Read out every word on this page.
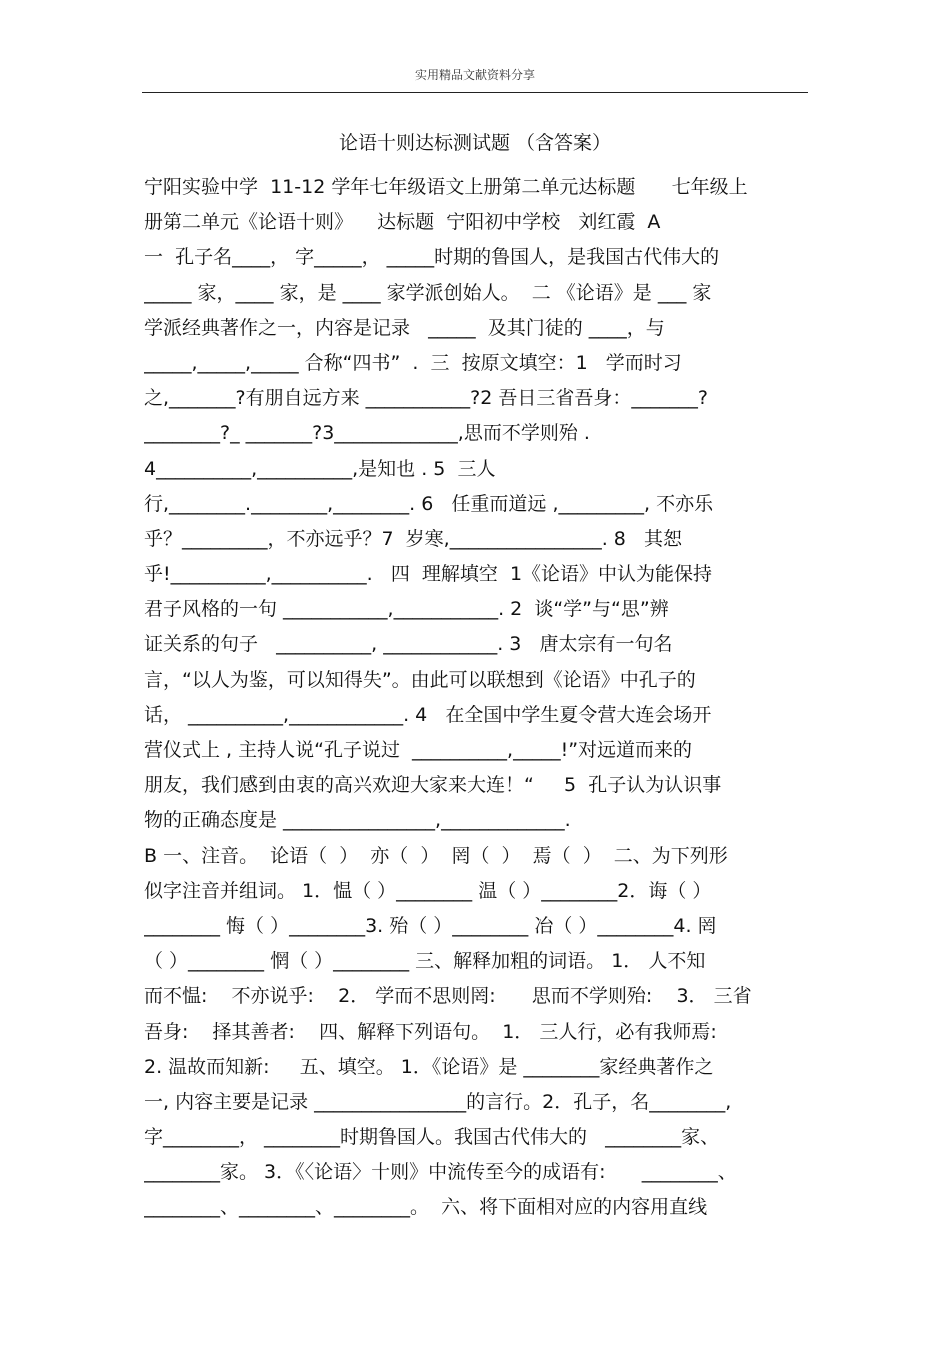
实用精品文献资料分享
论语十则达标测试题 （含答案）
宁阳实验中学  11-12 学年七年级语文上册第二单元达标题      七年级上
册第二单元《论语十则》    达标题  宁阳初中学校   刘红霞  A
一  孔子名____， 字_____， _____时期的鲁国人，是我国古代伟大的
_____ 家，____ 家，是 ____ 家学派创始人。  二 《论语》是 ___ 家
学派经典著作之一，内容是记录   _____  及其门徒的 ____，与
_____,_____,_____ 合称“四书”  .  三  按原文填空：1   学而时习
之,_______?有朋自远方来 ___________?2 吾日三省吾身：_______?
________?_ _______?3_____________,思而不学则殆 .
4__________,__________,是知也 . 5  三人
行,________.________,________. 6   任重而道远 ,_________, 不亦乐
乎？_________，不亦远乎？7  岁寒,________________. 8   其恕
乎!__________,__________.   四  理解填空  1《论语》中认为能保持
君子风格的一句 ___________,___________. 2  谈“学”与“思”辨
证关系的句子   __________, ____________. 3   唐太宗有一句名
言，“以人为鉴，可以知得失”。由此可以联想到《论语》中孔子的
话， __________,____________. 4   在全国中学生夏令营大连会场开
营仪式上 , 主持人说“孔子说过  __________,_____!”对远道而来的
朋友，我们感到由衷的高兴欢迎大家来大连！“     5  孔子认为认识事
物的正确态度是 ________________,_____________.
B 一、注音。  论语（  ）  亦（  ）  罔（  ）  焉（  ）  二、为下列形
似字注音并组词。 1．愠（ ）________ 温（ ）________2．诲（ ）
________ 悔（ ）________3. 殆（ ）________ 冶（ ）________4. 罔
（ ）________ 惘（ ）________ 三、解释加粗的词语。 1． 人不知
而不愠:    不亦说乎:    2． 学而不思则罔:      思而不学则殆:    3． 三省
吾身:    择其善者:    四、解释下列语句。  1． 三人行，必有我师焉:
2. 温故而知新:     五、填空。 1．《论语》是 ________家经典著作之
一, 内容主要是记录 ________________的言行。2．孔子，名________,
字________， ________时期鲁国人。我国古代伟大的   ________家、
________家。 3．《〈论语〉十则》中流传至今的成语有:      ________、
________、________、________。  六、将下面相对应的内容用直线
